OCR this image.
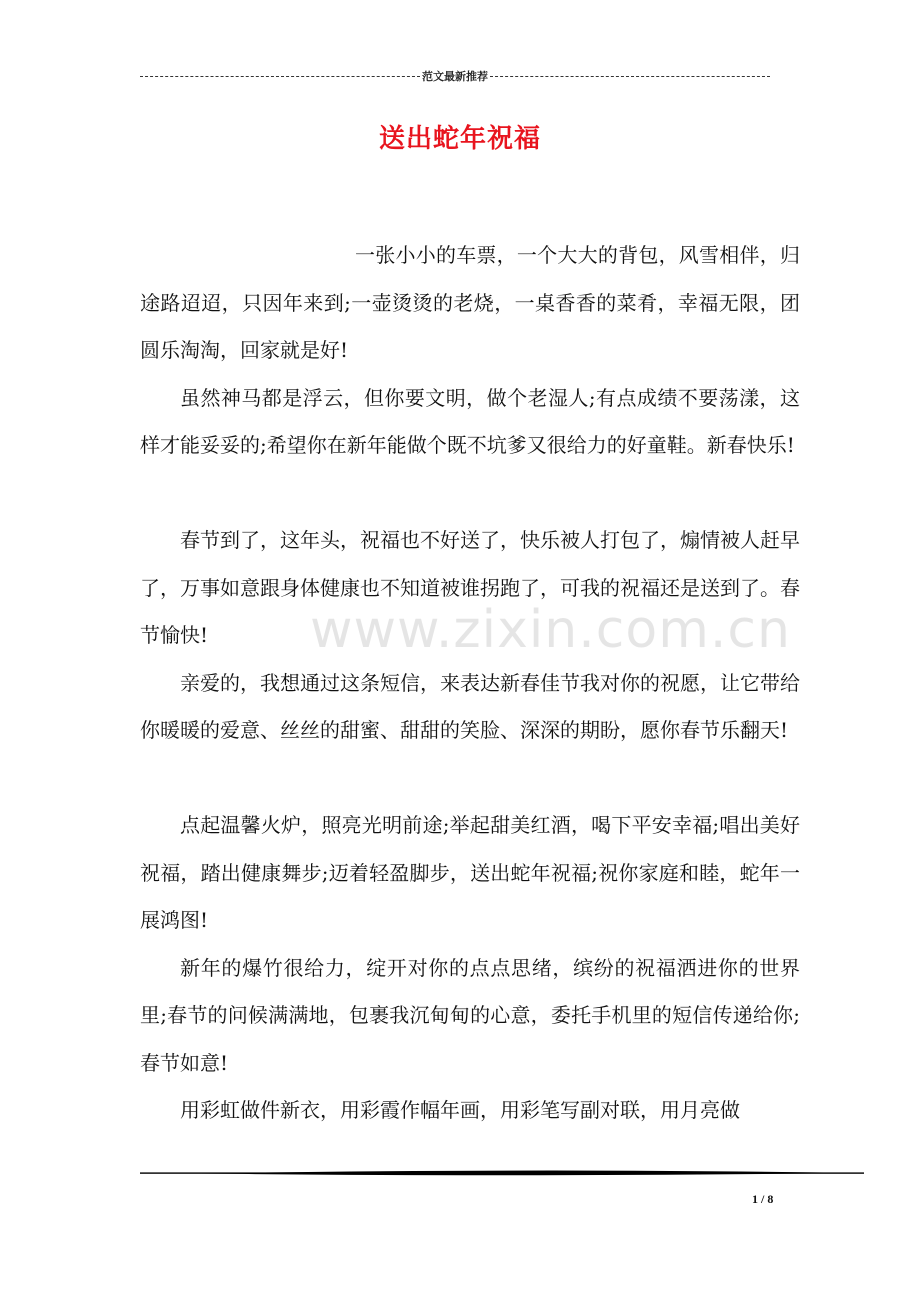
范文最新推荐
送出蛇年祝福
www.zixin.com.cn

一张小小的车票，一个大大的背包，风雪相伴，归途路迢迢，只因年来到;一壶烫烫的老烧，一桌香香的菜肴，幸福无限，团圆乐淘淘，回家就是好!

虽然神马都是浮云，但你要文明，做个老湿人;有点成绩不要荡漾，这样才能妥妥的;希望你在新年能做个既不坑爹又很给力的好童鞋。新春快乐!

春节到了，这年头，祝福也不好送了，快乐被人打包了，煽情被人赶早了，万事如意跟身体健康也不知道被谁拐跑了，可我的祝福还是送到了。春节愉快!

亲爱的，我想通过这条短信，来表达新春佳节我对你的祝愿，让它带给你暖暖的爱意、丝丝的甜蜜、甜甜的笑脸、深深的期盼，愿你春节乐翻天!

点起温馨火炉，照亮光明前途;举起甜美红酒，喝下平安幸福;唱出美好祝福，踏出健康舞步;迈着轻盈脚步，送出蛇年祝福;祝你家庭和睦，蛇年一展鸿图!

新年的爆竹很给力，绽开对你的点点思绪，缤纷的祝福洒进你的世界里;春节的问候满满地，包裹我沉甸甸的心意，委托手机里的短信传递给你;春节如意!

用彩虹做件新衣，用彩霞作幅年画，用彩笔写副对联，用月亮做

1 / 8
